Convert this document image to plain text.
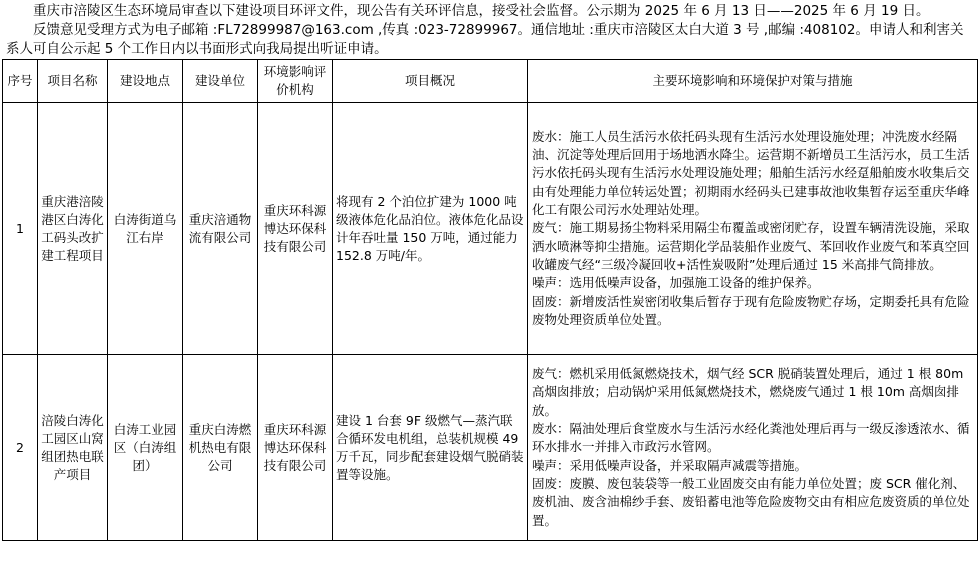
重庆市涪陵区生态环境局审查以下建设项目环评文件，现公告有关环评信息，接受社会监督。公示期为 2025 年 6 月 13 日——2025 年 6 月 19 日。

反馈意见受理方式为电子邮箱 :FL72899987@163.com ,传真 :023-72899967。通信地址 :重庆市涪陵区太白大道 3 号 ,邮编 :408102。申请人和利害关系人可自公示起 5 个工作日内以书面形式向我局提出听证申请。

序号	项目名称	建设地点	建设单位	环境影响评价机构	项目概况	主要环境影响和环境保护对策与措施
1	重庆港涪陵港区白涛化工码头改扩建工程项目	白涛街道乌江右岸	重庆涪通物流有限公司	重庆环科源博达环保科技有限公司	将现有 2 个泊位扩建为 1000 吨级液体危化品泊位。液体危化品设计年吞吐量 150 万吨，通过能力 152.8 万吨/年。	废水：施工人员生活污水依托码头现有生活污水处理设施处理；冲洗废水经隔油、沉淀等处理后回用于场地洒水降尘。运营期不新增员工生活污水，员工生活污水依托码头现有生活污水处理设施处理；船舶生活污水经趸船舶废水收集后交由有处理能力单位转运处置；初期雨水经码头已建事故池收集暂存运至重庆华峰化工有限公司污水处理站处理。
废气：施工期易扬尘物料采用隔尘布覆盖或密闭贮存，设置车辆清洗设施，采取洒水喷淋等抑尘措施。运营期化学品装船作业废气、苯回收作业废气和苯真空回收罐废气经“三级冷凝回收+活性炭吸附”处理后通过 15 米高排气筒排放。
噪声：选用低噪声设备，加强施工设备的维护保养。
固废：新增废活性炭密闭收集后暂存于现有危险废物贮存场，定期委托具有危险废物处理资质单位处置。

2	涪陵白涛化工园区山窝组团热电联产项目	白涛工业园区（白涛组团）	重庆白涛燃机热电有限公司	重庆环科源博达环保科技有限公司	建设 1 台套 9F 级燃气—蒸汽联合循环发电机组，总装机规模 49 万千瓦，同步配套建设烟气脱硝装置等设施。	废气：燃机采用低氮燃烧技术，烟气经 SCR 脱硝装置处理后，通过 1 根 80m 高烟囱排放；启动锅炉采用低氮燃烧技术，燃烧废气通过 1 根 10m 高烟囱排放。
废水：隔油处理后食堂废水与生活污水经化粪池处理后再与一级反渗透浓水、循环水排水一并排入市政污水管网。
噪声：采用低噪声设备，并采取隔声减震等措施。
固废：废膜、废包装袋等一般工业固废交由有能力单位处置；废 SCR 催化剂、废机油、废含油棉纱手套、废铅蓄电池等危险废物交由有相应危废资质的单位处置。
